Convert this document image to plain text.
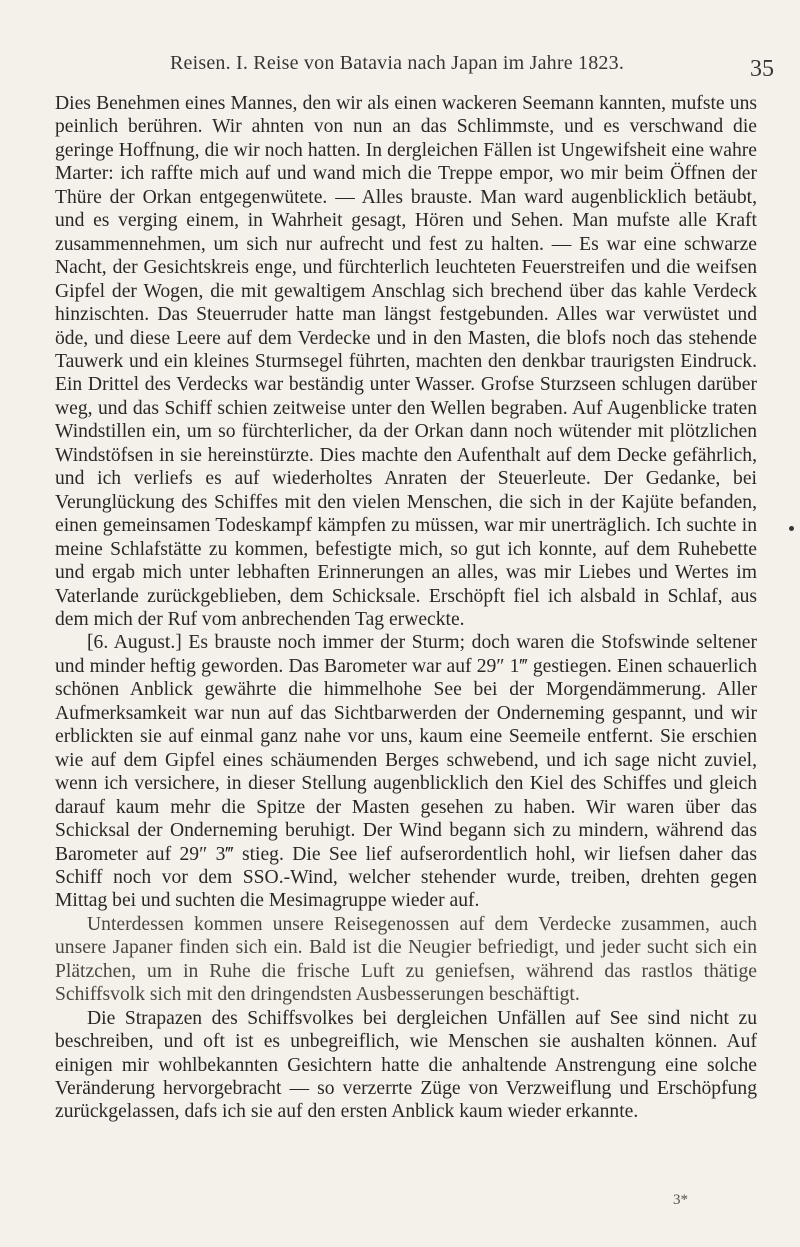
Reisen. I. Reise von Batavia nach Japan im Jahre 1823.	35

Dies Benehmen eines Mannes, den wir als einen wackeren Seemann kannten, mufste uns peinlich berühren. Wir ahnten von nun an das Schlimmste, und es verschwand die geringe Hoffnung, die wir noch hatten. In dergleichen Fällen ist Ungewifsheit eine wahre Marter: ich raffte mich auf und wand mich die Treppe empor, wo mir beim Öffnen der Thüre der Orkan entgegenwütete. — Alles brauste. Man ward augenblicklich betäubt, und es verging einem, in Wahrheit gesagt, Hören und Sehen. Man mufste alle Kraft zusammennehmen, um sich nur aufrecht und fest zu halten. — Es war eine schwarze Nacht, der Gesichtskreis enge, und fürchterlich leuchteten Feuerstreifen und die weifsen Gipfel der Wogen, die mit gewaltigem Anschlag sich brechend über das kahle Verdeck hinzischten. Das Steuerruder hatte man längst festgebunden. Alles war verwüstet und öde, und diese Leere auf dem Verdecke und in den Masten, die blofs noch das stehende Tauwerk und ein kleines Sturmsegel führten, machten den denkbar traurigsten Eindruck. Ein Drittel des Verdecks war beständig unter Wasser. Grofse Sturzseen schlugen darüber weg, und das Schiff schien zeitweise unter den Wellen begraben. Auf Augenblicke traten Windstillen ein, um so fürchterlicher, da der Orkan dann noch wütender mit plötzlichen Windstöfsen in sie hereinstürzte. Dies machte den Aufenthalt auf dem Decke gefährlich, und ich verliefs es auf wiederholtes Anraten der Steuerleute. Der Gedanke, bei Verunglückung des Schiffes mit den vielen Menschen, die sich in der Kajüte befanden, einen gemeinsamen Todeskampf kämpfen zu müssen, war mir unerträglich. Ich suchte in meine Schlafstätte zu kommen, befestigte mich, so gut ich konnte, auf dem Ruhebette und ergab mich unter lebhaften Erinnerungen an alles, was mir Liebes und Wertes im Vaterlande zurückgeblieben, dem Schicksale. Erschöpft fiel ich alsbald in Schlaf, aus dem mich der Ruf vom anbrechenden Tag erweckte.

[6. August.] Es brauste noch immer der Sturm; doch waren die Stofswinde seltener und minder heftig geworden. Das Barometer war auf 29″ 1‴ gestiegen. Einen schauerlich schönen Anblick gewährte die himmelhohe See bei der Morgendämmerung. Aller Aufmerksamkeit war nun auf das Sichtbarwerden der Onderneming gespannt, und wir erblickten sie auf einmal ganz nahe vor uns, kaum eine Seemeile entfernt. Sie erschien wie auf dem Gipfel eines schäumenden Berges schwebend, und ich sage nicht zuviel, wenn ich versichere, in dieser Stellung augenblicklich den Kiel des Schiffes und gleich darauf kaum mehr die Spitze der Masten gesehen zu haben. Wir waren über das Schicksal der Onderneming beruhigt. Der Wind begann sich zu mindern, während das Barometer auf 29″ 3‴ stieg. Die See lief aufserordentlich hohl, wir liefsen daher das Schiff noch vor dem SSO.-Wind, welcher stehender wurde, treiben, drehten gegen Mittag bei und suchten die Mesimagruppe wieder auf.

Unterdessen kommen unsere Reisegenossen auf dem Verdecke zusammen, auch unsere Japaner finden sich ein. Bald ist die Neugier befriedigt, und jeder sucht sich ein Plätzchen, um in Ruhe die frische Luft zu geniefsen, während das rastlos thätige Schiffsvolk sich mit den dringendsten Ausbesserungen beschäftigt.

Die Strapazen des Schiffsvolkes bei dergleichen Unfällen auf See sind nicht zu beschreiben, und oft ist es unbegreiflich, wie Menschen sie aushalten können. Auf einigen mir wohlbekannten Gesichtern hatte die anhaltende Anstrengung eine solche Veränderung hervorgebracht — so verzerrte Züge von Verzweiflung und Erschöpfung zurückgelassen, dafs ich sie auf den ersten Anblick kaum wieder erkannte.

3*
